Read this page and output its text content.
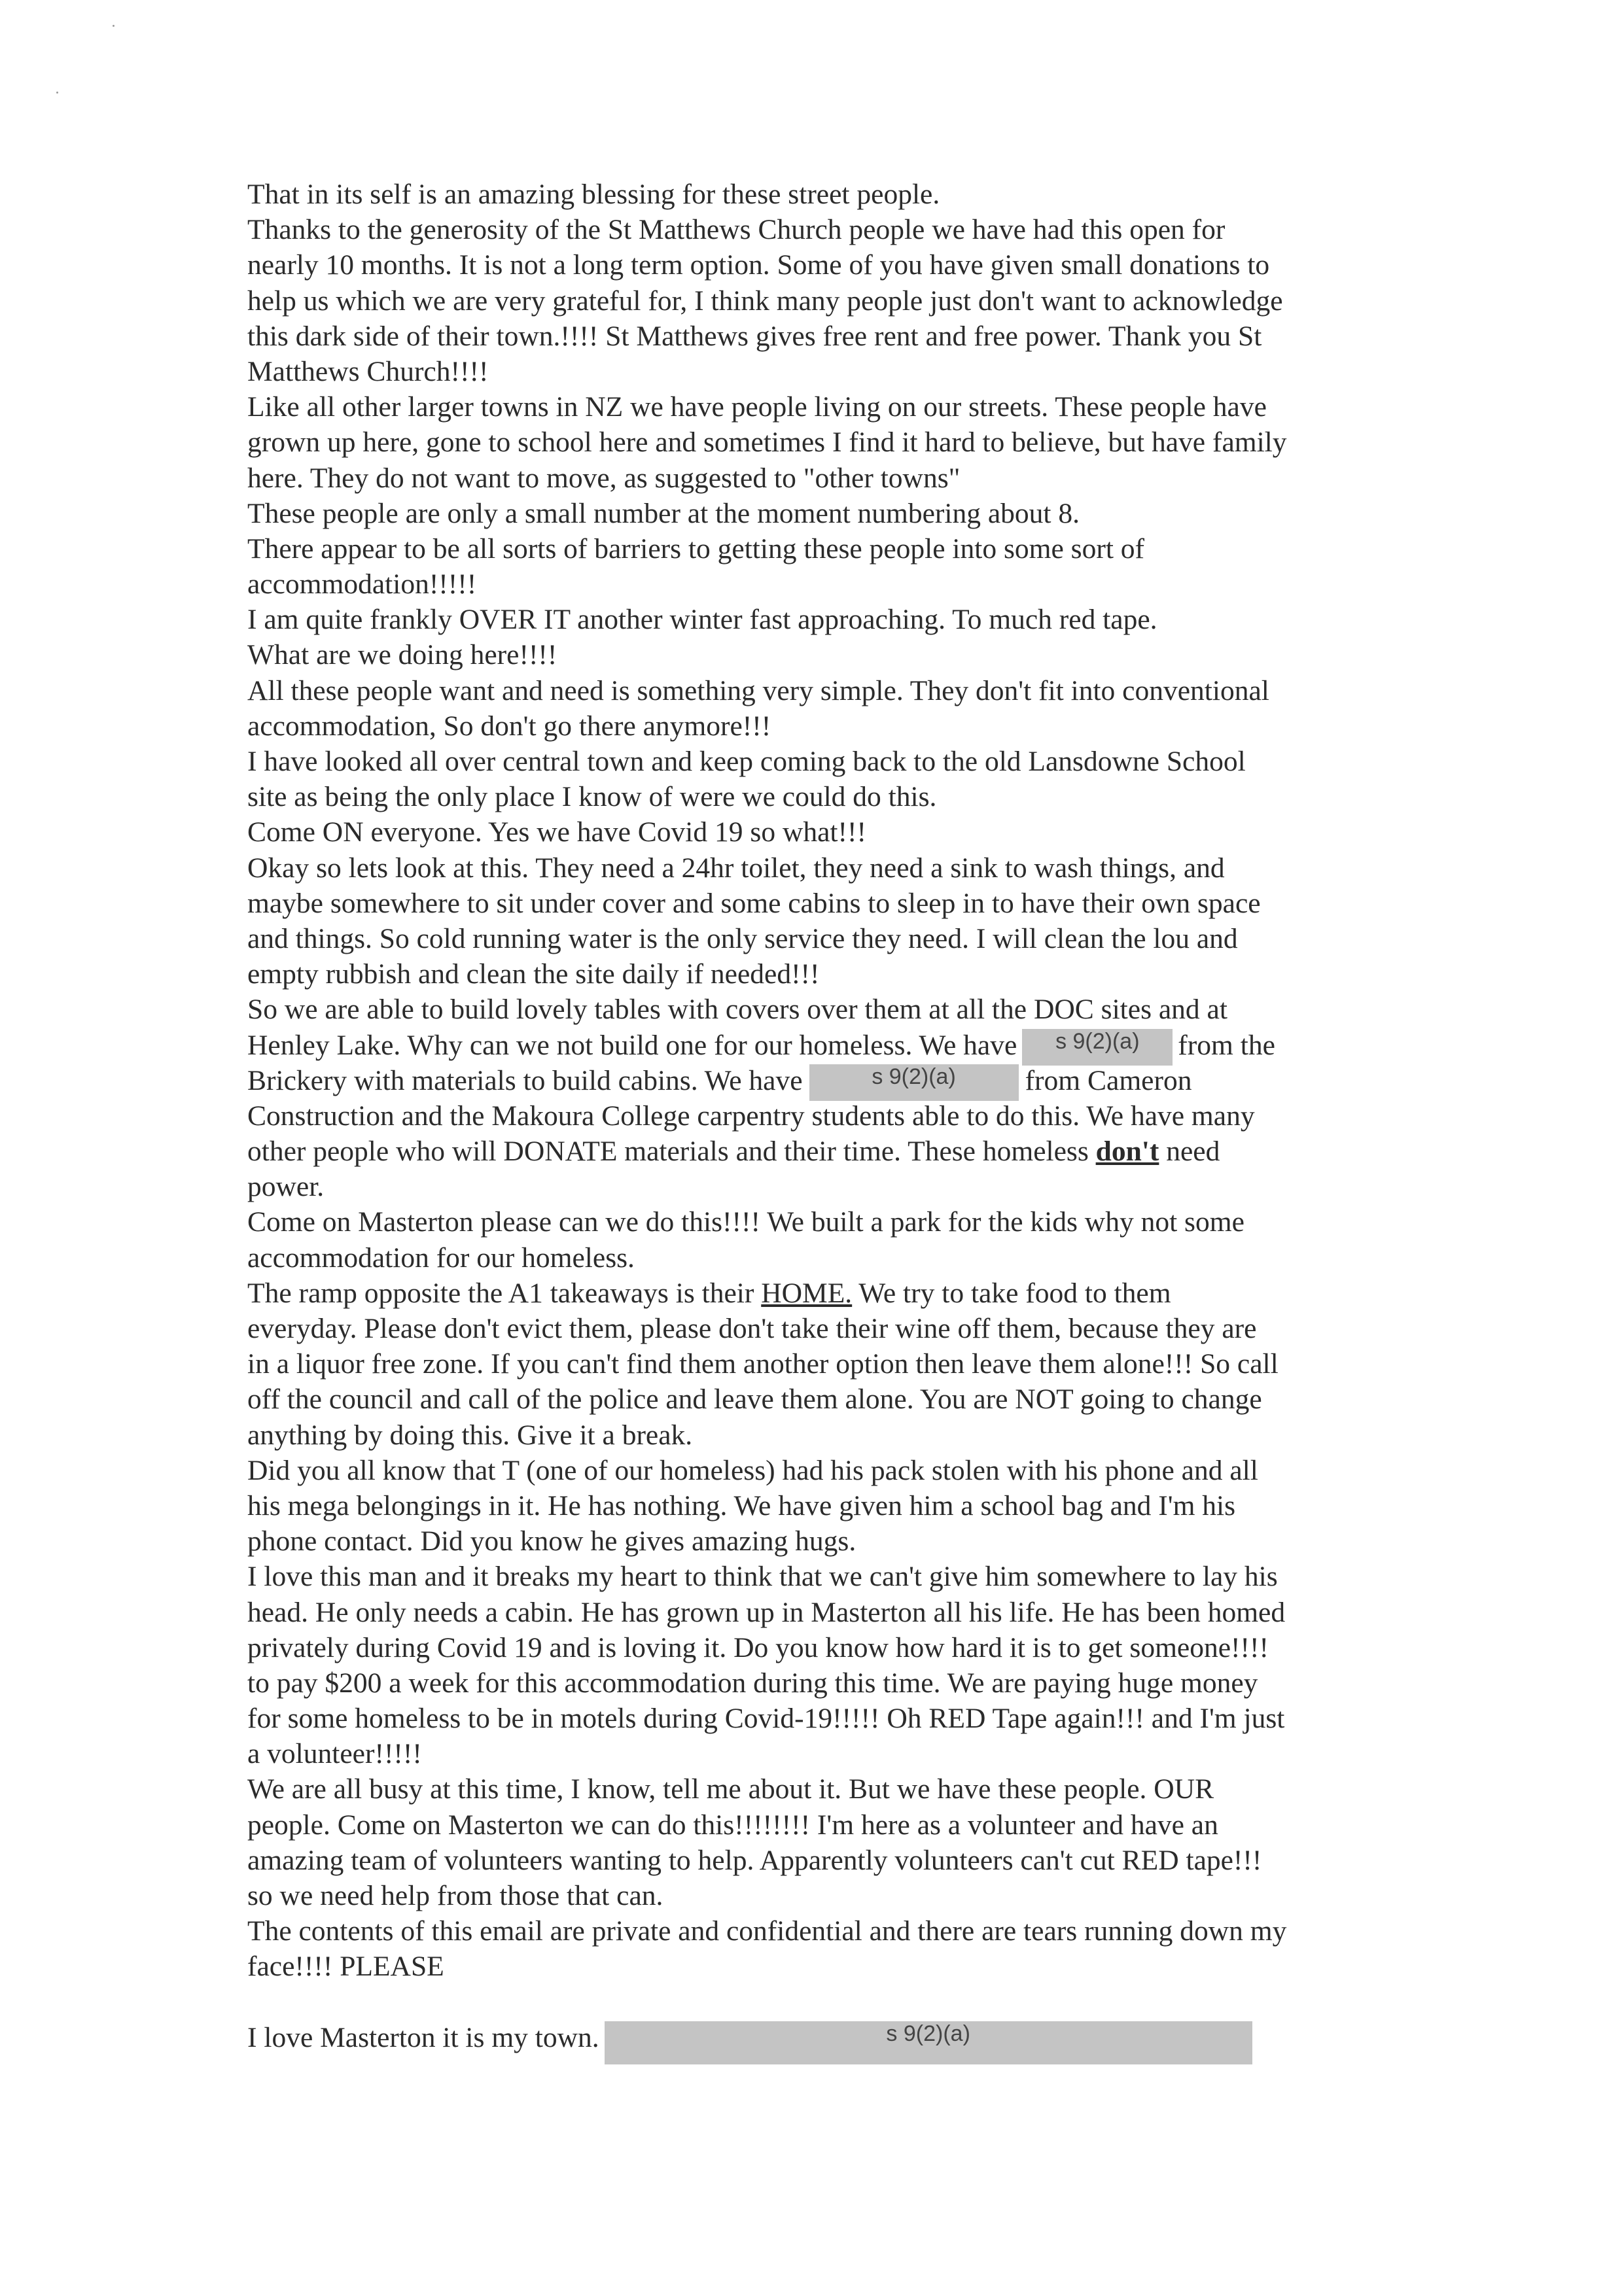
That in its self is an amazing blessing for these street people.
Thanks to the generosity of the St Matthews Church people we have had this open for
nearly 10 months. It is not a long term option. Some of you have given small donations to
help us which we are very grateful for, I think many people just don't want to acknowledge
this dark side of their town.!!!! St Matthews gives free rent and free power. Thank you St
Matthews Church!!!!
Like all other larger towns in NZ we have people living on our streets. These people have
grown up here, gone to school here and sometimes I find it hard to believe, but have family
here. They do not want to move, as suggested to "other towns"
These people are only a small number at the moment numbering about 8.
There appear to be all sorts of barriers to getting these people into some sort of
accommodation!!!!!
I am quite frankly OVER IT another winter fast approaching. To much red tape.
What are we doing here!!!!
All these people want and need is something very simple. They don't fit into conventional
accommodation, So don't go there anymore!!!
I have looked all over central town and keep coming back to the old Lansdowne School
site as being the only place I know of were we could do this.
Come ON everyone. Yes we have Covid 19 so what!!!
Okay so lets look at this. They need a 24hr toilet, they need a sink to wash things, and
maybe somewhere to sit under cover and some cabins to sleep in to have their own space
and things. So cold running water is the only service they need. I will clean the lou and
empty rubbish and clean the site daily if needed!!!
So we are able to build lovely tables with covers over them at all the DOC sites and at
Henley Lake. Why can we not build one for our homeless. We have s 9(2)(a) from the
Brickery with materials to build cabins. We have	s 9(2)(a) from Cameron
Construction and the Makoura College carpentry students able to do this. We have many
other people who will DONATE materials and their time. These homeless don't need
power.
Come on Masterton please can we do this!!!! We built a park for the kids why not some
accommodation for our homeless.
The ramp opposite the A1 takeaways is their HOME. We try to take food to them
everyday. Please don't evict them, please don't take their wine off them, because they are
in a liquor free zone. If you can't find them another option then leave them alone!!! So call
off the council and call of the police and leave them alone. You are NOT going to change
anything by doing this. Give it a break.
Did you all know that T (one of our homeless) had his pack stolen with his phone and all
his mega belongings in it. He has nothing. We have given him a school bag and I'm his
phone contact. Did you know he gives amazing hugs.
I love this man and it breaks my heart to think that we can't give him somewhere to lay his
head. He only needs a cabin. He has grown up in Masterton all his life. He has been homed
privately during Covid 19 and is loving it. Do you know how hard it is to get someone!!!!
to pay $200 a week for this accommodation during this time. We are paying huge money
for some homeless to be in motels during Covid-19!!!!! Oh RED Tape again!!! and I'm just
a volunteer!!!!!
We are all busy at this time, I know, tell me about it. But we have these people. OUR
people. Come on Masterton we can do this!!!!!!!! I'm here as a volunteer and have an
amazing team of volunteers wanting to help. Apparently volunteers can't cut RED tape!!!
so we need help from those that can.
The contents of this email are private and confidential and there are tears running down my
face!!!! PLEASE
I love Masterton it is my town.	s 9(2)(a)
